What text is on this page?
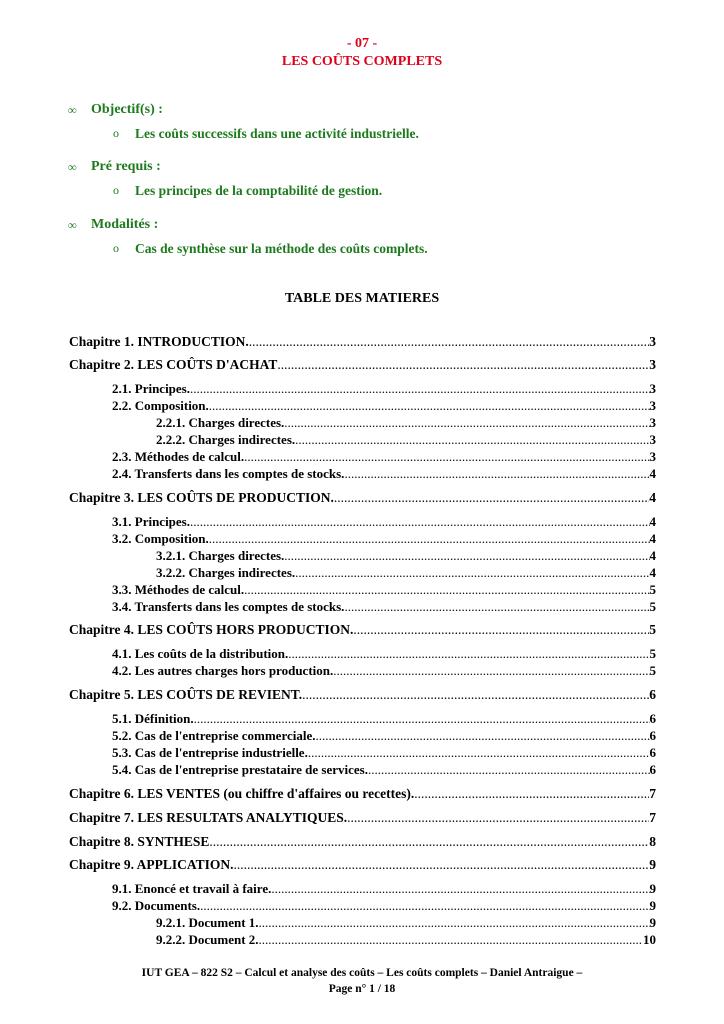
- 07 -
LES COÛTS COMPLETS
∞ Objectif(s) :
o Les coûts successifs dans une activité industrielle.
∞ Pré requis :
o Les principes de la comptabilité de gestion.
∞ Modalités :
o Cas de synthèse sur la méthode des coûts complets.
TABLE DES MATIERES
Chapitre 1. INTRODUCTION. .....	3
Chapitre 2. LES COÛTS D'ACHAT .....	3
2.1. Principes. .....	3
2.2. Composition. .....	3
2.2.1. Charges directes. .....	3
2.2.2. Charges indirectes. .....	3
2.3. Méthodes de calcul. .....	3
2.4. Transferts dans les comptes de stocks. .....	4
Chapitre 3. LES COÛTS DE PRODUCTION. .....	4
3.1. Principes. .....	4
3.2. Composition. .....	4
3.2.1. Charges directes. .....	4
3.2.2. Charges indirectes. .....	4
3.3. Méthodes de calcul. .....	5
3.4. Transferts dans les comptes de stocks. .....	5
Chapitre 4. LES COÛTS HORS PRODUCTION. .....	5
4.1. Les coûts de la distribution. .....	5
4.2. Les autres charges hors production. .....	5
Chapitre 5. LES COÛTS DE REVIENT. .....	6
5.1. Définition. .....	6
5.2. Cas de l'entreprise commerciale. .....	6
5.3. Cas de l'entreprise industrielle. .....	6
5.4. Cas de l'entreprise prestataire de services. .....	6
Chapitre 6. LES VENTES (ou chiffre d'affaires ou recettes). .....	7
Chapitre 7. LES RESULTATS ANALYTIQUES. .....	7
Chapitre 8. SYNTHESE .....	8
Chapitre 9. APPLICATION. .....	9
9.1. Enoncé et travail à faire. .....	9
9.2. Documents. .....	9
9.2.1. Document 1. .....	9
9.2.2. Document 2. .....	10
IUT GEA – 822 S2 – Calcul et analyse des coûts – Les coûts complets – Daniel Antraigue –
Page n° 1 / 18
